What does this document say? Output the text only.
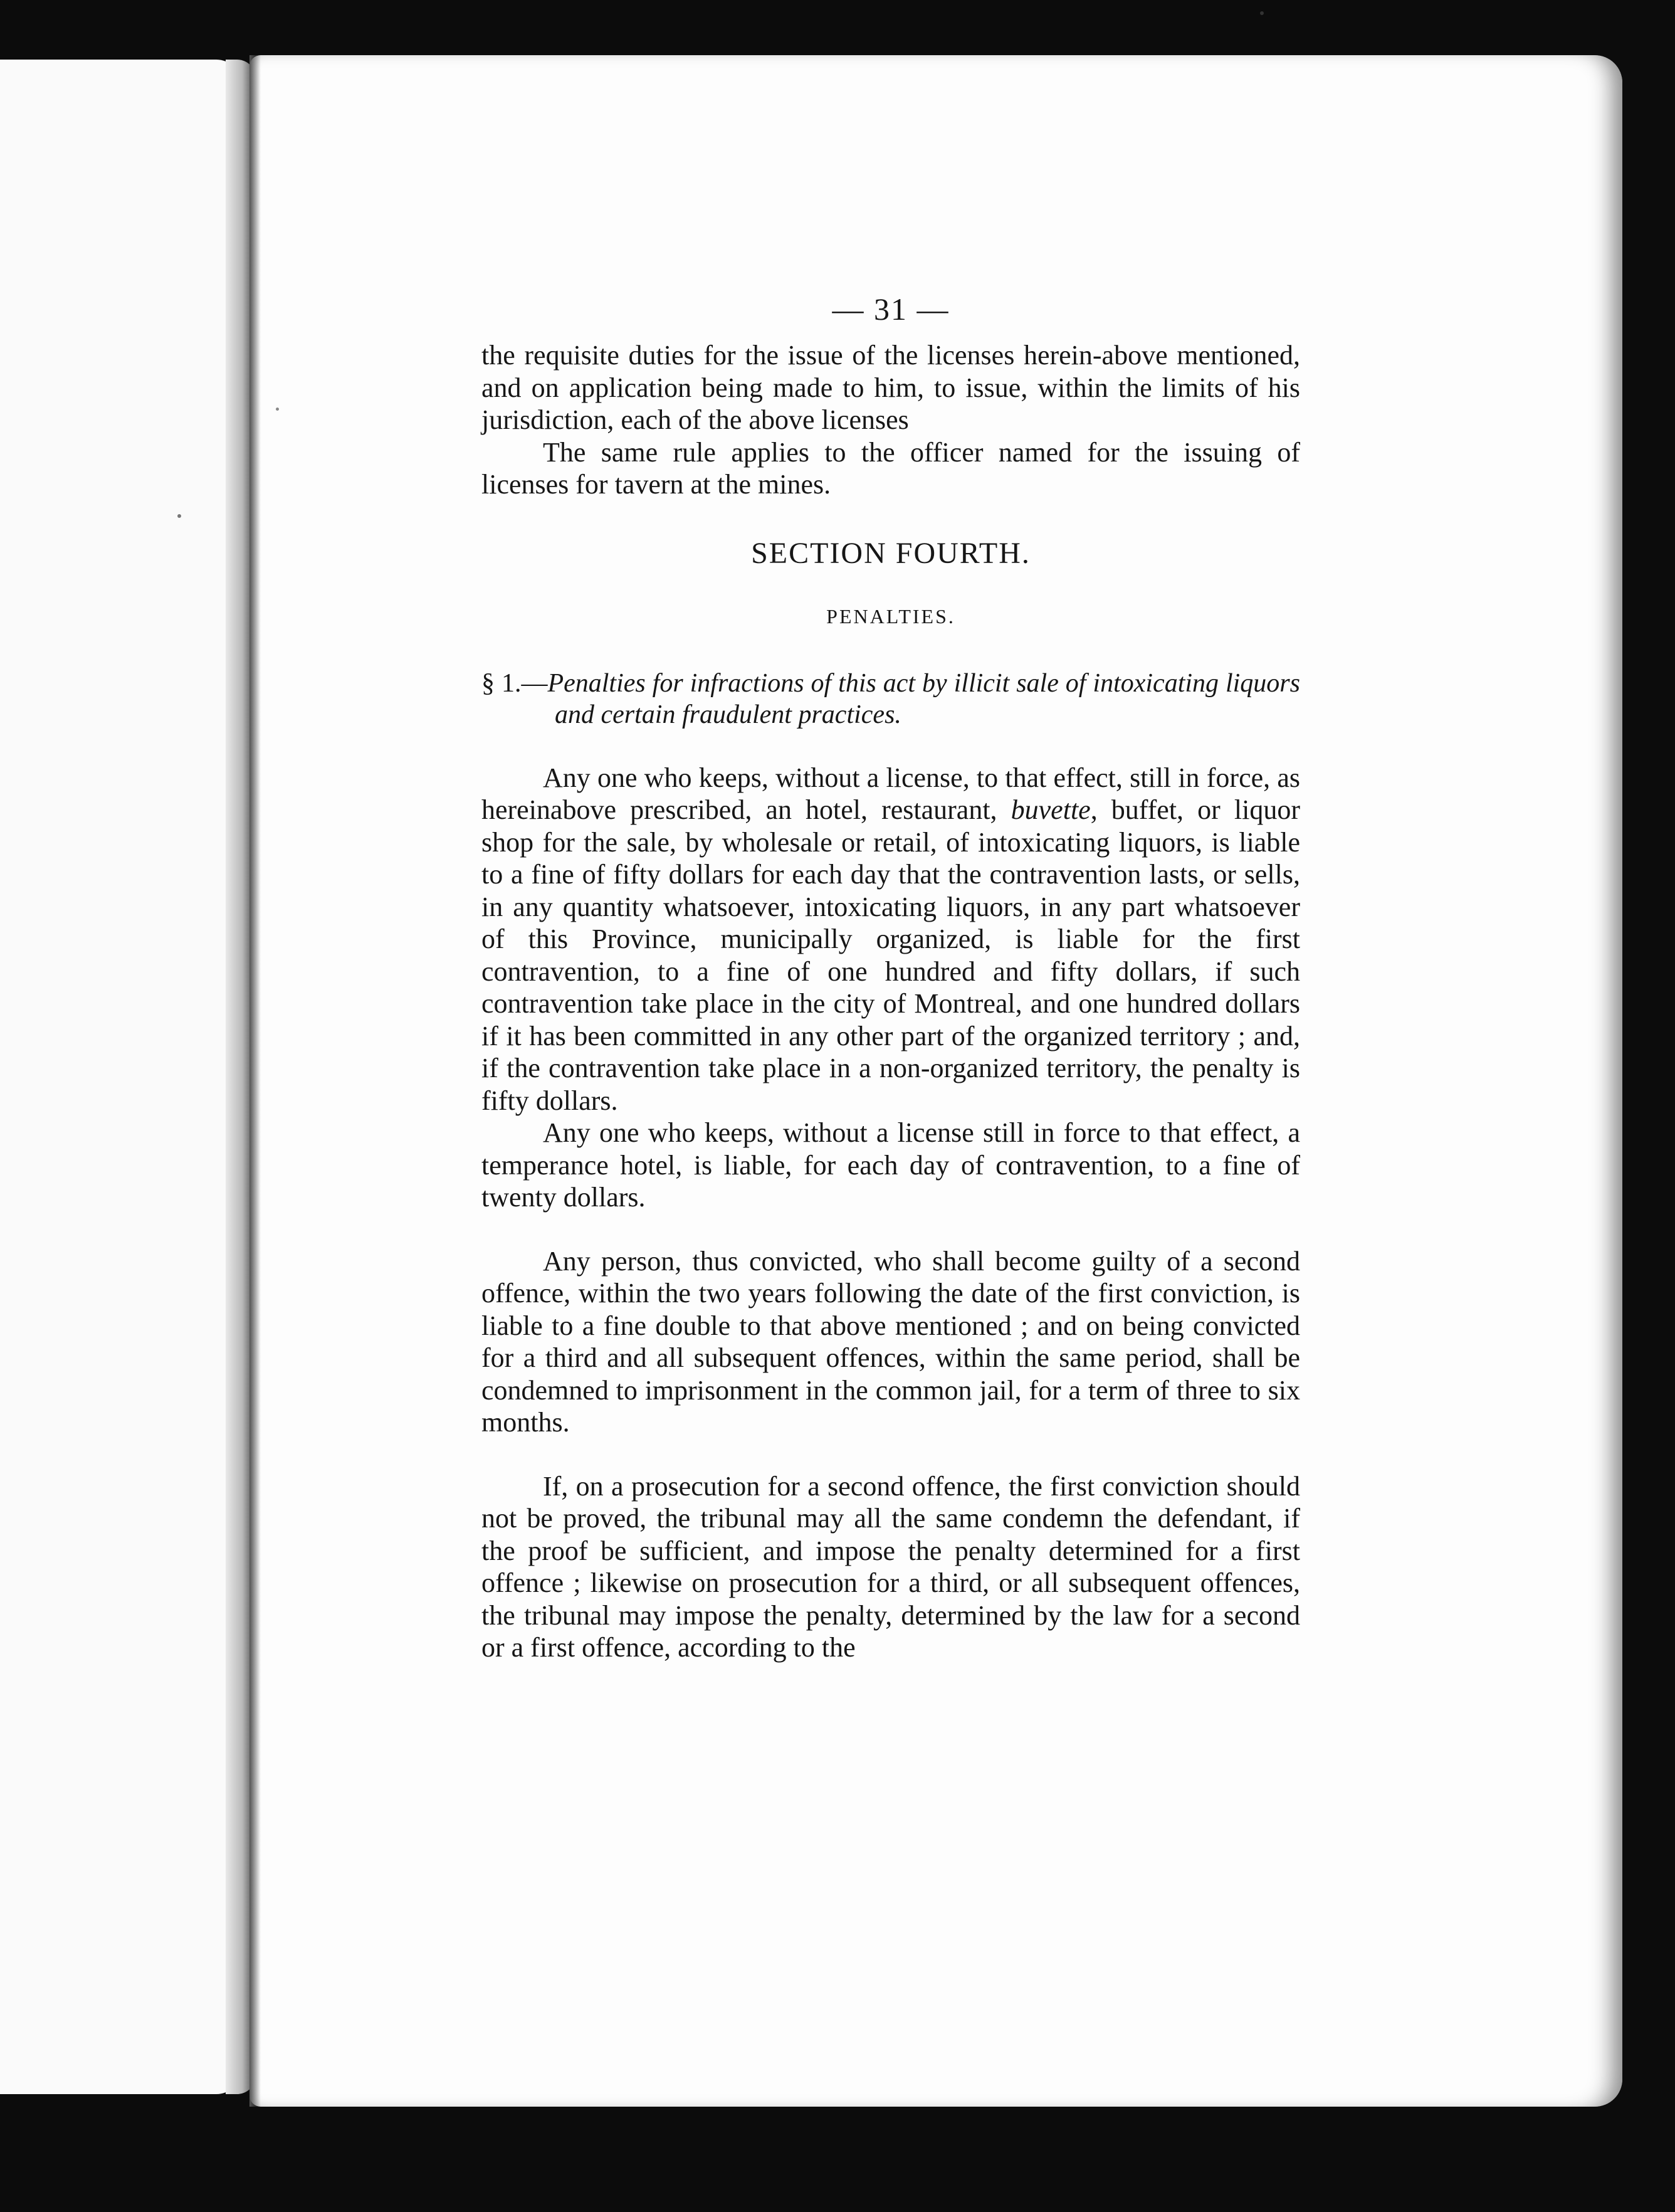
— 31 —

the requisite duties for the issue of the licenses herein-above mentioned, and on application being made to him, to issue, within the limits of his jurisdiction, each of the above licenses

The same rule applies to the officer named for the issuing of licenses for tavern at the mines.

SECTION FOURTH.
PENALTIES.
§ 1.—Penalties for infractions of this act by illicit sale of intoxicating liquors and certain fraudulent practices.

Any one who keeps, without a license, to that effect, still in force, as hereinabove prescribed, an hotel, restaurant, buvette, buffet, or liquor shop for the sale, by wholesale or retail, of intoxicating liquors, is liable to a fine of fifty dollars for each day that the contravention lasts, or sells, in any quantity whatsoever, intoxicating liquors, in any part whatsoever of this Province, municipally organized, is liable for the first contravention, to a fine of one hundred and fifty dollars, if such contravention take place in the city of Montreal, and one hundred dollars if it has been committed in any other part of the organized territory ; and, if the contravention take place in a non-organized territory, the penalty is fifty dollars.

Any one who keeps, without a license still in force to that effect, a temperance hotel, is liable, for each day of contravention, to a fine of twenty dollars.

Any person, thus convicted, who shall become guilty of a second offence, within the two years following the date of the first conviction, is liable to a fine double to that above mentioned ; and on being convicted for a third and all subsequent offences, within the same period, shall be condemned to imprisonment in the common jail, for a term of three to six months.

If, on a prosecution for a second offence, the first conviction should not be proved, the tribunal may all the same condemn the defendant, if the proof be sufficient, and impose the penalty determined for a first offence ; likewise on prosecution for a third, or all subsequent offences, the tribunal may impose the penalty, determined by the law for a second or a first offence, according to the
